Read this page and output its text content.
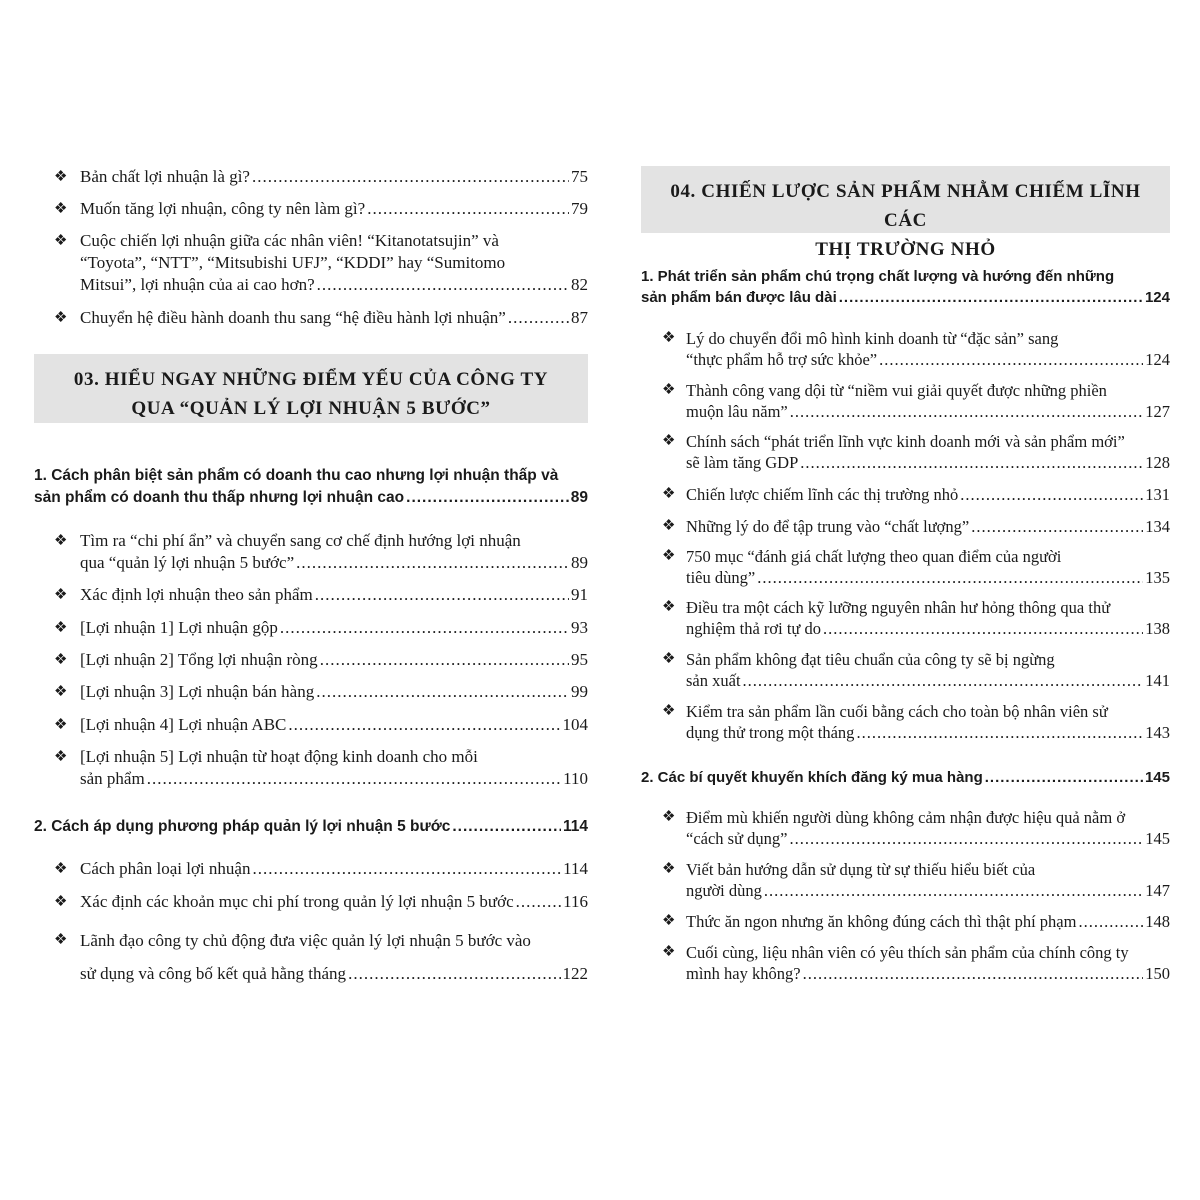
❖ Bản chất lợi nhuận là gì? .....	75
❖ Muốn tăng lợi nhuận, công ty nên làm gì? .....	79
❖ Cuộc chiến lợi nhuận giữa các nhân viên! “Kitanotatsujin” và
“Toyota”, “NTT”, “Mitsubishi UFJ”, “KDDI” hay “Sumitomo
Mitsui”, lợi nhuận của ai cao hơn? .....	82
❖ Chuyển hệ điều hành doanh thu sang “hệ điều hành lợi nhuận” .....	87
03. HIỂU NGAY NHỮNG ĐIỂM YẾU CỦA CÔNG TY
QUA “QUẢN LÝ LỢI NHUẬN 5 BƯỚC”
1. Cách phân biệt sản phẩm có doanh thu cao nhưng lợi nhuận thấp và
sản phẩm có doanh thu thấp nhưng lợi nhuận cao .....	89
❖ Tìm ra “chi phí ẩn” và chuyển sang cơ chế định hướng lợi nhuận
qua “quản lý lợi nhuận 5 bước” .....	89
❖ Xác định lợi nhuận theo sản phẩm .....	91
❖ [Lợi nhuận 1] Lợi nhuận gộp .....	93
❖ [Lợi nhuận 2] Tổng lợi nhuận ròng .....	95
❖ [Lợi nhuận 3] Lợi nhuận bán hàng .....	99
❖ [Lợi nhuận 4] Lợi nhuận ABC .....	104
❖ [Lợi nhuận 5] Lợi nhuận từ hoạt động kinh doanh cho mỗi
sản phẩm .....	110
2. Cách áp dụng phương pháp quản lý lợi nhuận 5 bước .....	114
❖ Cách phân loại lợi nhuận .....	114
❖ Xác định các khoản mục chi phí trong quản lý lợi nhuận 5 bước .....	116
❖ Lãnh đạo công ty chủ động đưa việc quản lý lợi nhuận 5 bước vào
sử dụng và công bố kết quả hằng tháng .....	122
04. CHIẾN LƯỢC SẢN PHẨM NHẰM CHIẾM LĨNH CÁC
THỊ TRƯỜNG NHỎ
1. Phát triển sản phẩm chú trọng chất lượng và hướng đến những
sản phẩm bán được lâu dài .....	124
❖ Lý do chuyển đổi mô hình kinh doanh từ “đặc sản” sang
“thực phẩm hỗ trợ sức khỏe” .....	124
❖ Thành công vang dội từ “niềm vui giải quyết được những phiền
muộn lâu năm” .....	127
❖ Chính sách “phát triển lĩnh vực kinh doanh mới và sản phẩm mới”
sẽ làm tăng GDP .....	128
❖ Chiến lược chiếm lĩnh các thị trường nhỏ .....	131
❖ Những lý do để tập trung vào “chất lượng” .....	134
❖ 750 mục “đánh giá chất lượng theo quan điểm của người
tiêu dùng” .....	135
❖ Điều tra một cách kỹ lưỡng nguyên nhân hư hỏng thông qua thử
nghiệm thả rơi tự do .....	138
❖ Sản phẩm không đạt tiêu chuẩn của công ty sẽ bị ngừng
sản xuất .....	141
❖ Kiểm tra sản phẩm lần cuối bằng cách cho toàn bộ nhân viên sử
dụng thử trong một tháng .....	143
2. Các bí quyết khuyến khích đăng ký mua hàng .....	145
❖ Điểm mù khiến người dùng không cảm nhận được hiệu quả nằm ở
“cách sử dụng” .....	145
❖ Viết bản hướng dẫn sử dụng từ sự thiếu hiểu biết của
người dùng .....	147
❖ Thức ăn ngon nhưng ăn không đúng cách thì thật phí phạm .....	148
❖ Cuối cùng, liệu nhân viên có yêu thích sản phẩm của chính công ty
mình hay không? .....	150
